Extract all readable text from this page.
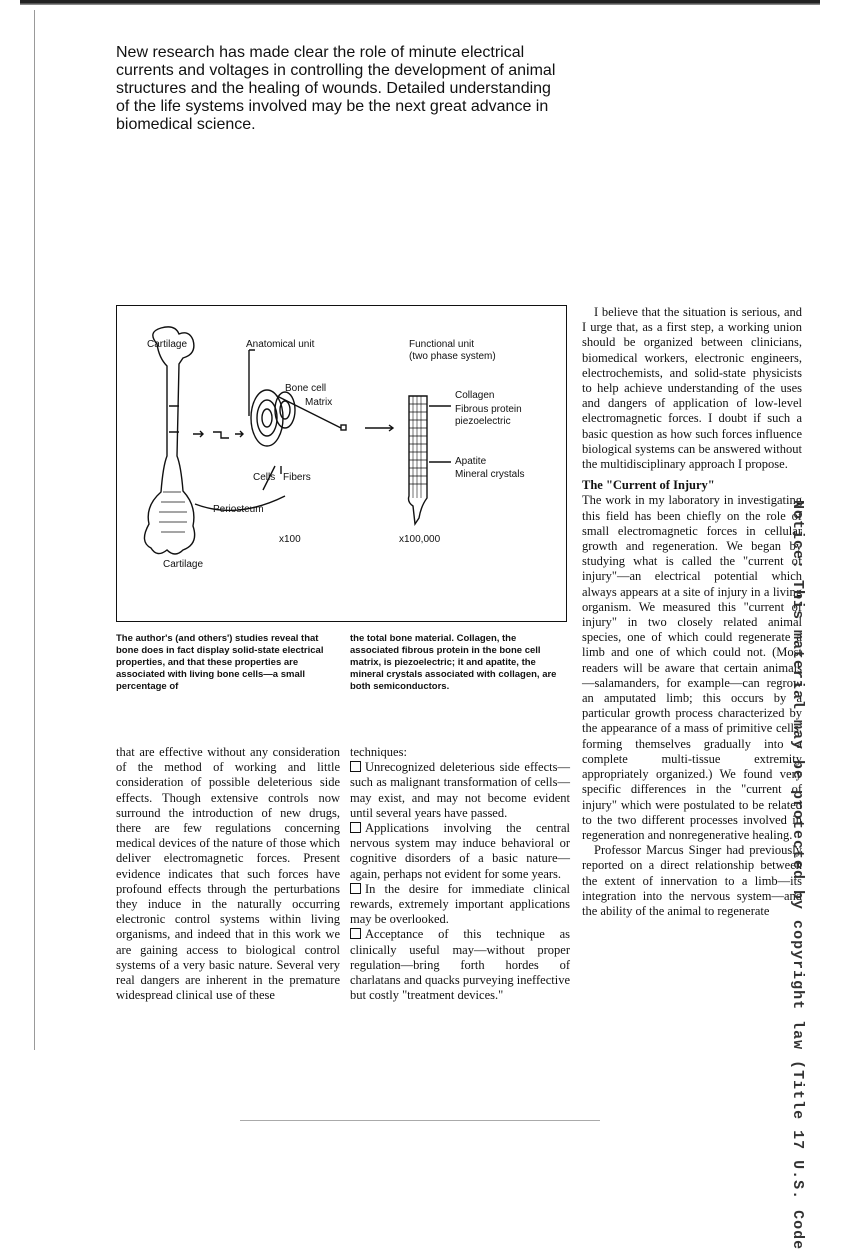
New research has made clear the role of minute electrical currents and voltages in controlling the development of animal structures and the healing of wounds. Detailed understanding of the life systems involved may be the next great advance in biomedical science.
Cartilage	Anatomical unit	Functional unit
(two phase system)
Bone cell
Matrix
Collagen
Fibrous protein
piezoelectric
Apatite
Mineral crystals
Cells Fibers
Periosteum
x100	x100,000
Cartilage
The author's (and others') studies reveal that bone does in fact display solid-state electrical properties, and that these properties are associated with living bone cells—a small percentage of
the total bone material. Collagen, the associated fibrous protein in the bone cell matrix, is piezoelectric; it and apatite, the mineral crystals associated with collagen, are both semiconductors.

that are effective without any consideration of the method of working and little consideration of possible deleterious side effects. Though extensive controls now surround the introduction of new drugs, there are few regulations concerning medical devices of the nature of those which deliver electromagnetic forces. Present evidence indicates that such forces have profound effects through the perturbations they induce in the naturally occurring electronic control systems within living organisms, and indeed that in this work we are gaining access to biological control systems of a very basic nature. Several very real dangers are inherent in the premature widespread clinical use of these

techniques:

Unrecognized deleterious side effects—such as malignant transformation of cells—may exist, and may not become evident until several years have passed.

Applications involving the central nervous system may induce behavioral or cognitive disorders of a basic nature—again, perhaps not evident for some years.

In the desire for immediate clinical rewards, extremely important applications may be overlooked.

Acceptance of this technique as clinically useful may—without proper regulation—bring forth hordes of charlatans and quacks purveying ineffective but costly "treatment devices."

I believe that the situation is serious, and I urge that, as a first step, a working union should be organized between clinicians, biomedical workers, electronic engineers, electrochemists, and solid-state physicists to help achieve understanding of the uses and dangers of application of low-level electromagnetic forces. I doubt if such a basic question as how such forces influence biological systems can be answered without the multidisciplinary approach I propose.

The "Current of Injury"

The work in my laboratory in investigating this field has been chiefly on the role of small electromagnetic forces in cellular growth and regeneration. We began by studying what is called the "current of injury"—an electrical potential which always appears at a site of injury in a living organism. We measured this "current of injury" in two closely related animal species, one of which could regenerate a limb and one of which could not. (Most readers will be aware that certain animals—salamanders, for example—can regrow an amputated limb; this occurs by a particular growth process characterized by the appearance of a mass of primitive cells, forming themselves gradually into a complete multi-tissue extremity appropriately organized.) We found very specific differences in the "current of injury" which were postulated to be related to the two different processes involved in regeneration and nonregenerative healing.

Professor Marcus Singer had previously reported on a direct relationship between the extent of innervation to a limb—its integration into the nervous system—and the ability of the animal to regenerate	Notice: This material may be protected by copyright law (Title 17 U.S. Code
